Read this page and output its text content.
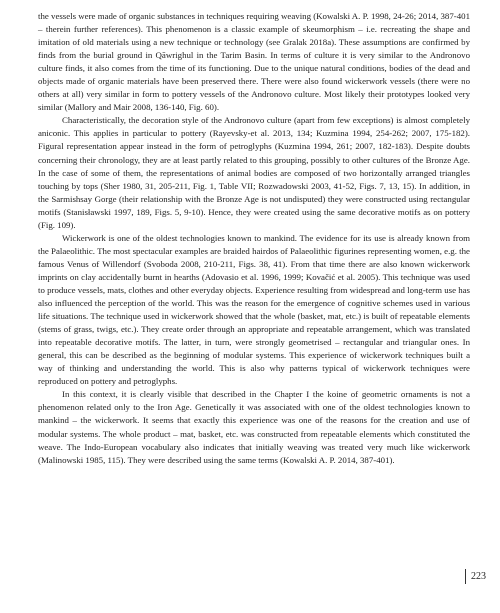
the vessels were made of organic substances in techniques requiring weaving (Kowalski A. P. 1998, 24-26; 2014, 387-401 – therein further references). This phenomenon is a classic example of skeumorphism – i.e. recreating the shape and imitation of old materials using a new technique or technology (see Gralak 2018a). These assumptions are confirmed by finds from the burial ground in Qāwrighul in the Tarim Basin. In terms of culture it is very similar to the Andronovo culture finds, it also comes from the time of its functioning. Due to the unique natural conditions, bodies of the dead and objects made of organic materials have been preserved there. There were also found wickerwork vessels (there were no others at all) very similar in form to pottery vessels of the Andronovo culture. Most likely their prototypes looked very similar (Mallory and Mair 2008, 136-140, Fig. 60).

Characteristically, the decoration style of the Andronovo culture (apart from few exceptions) is almost completely aniconic. This applies in particular to pottery (Rayevsky-et al. 2013, 134; Kuzmina 1994, 254-262; 2007, 175-182). Figural representation appear instead in the form of petroglyphs (Kuzmina 1994, 261; 2007, 182-183). Despite doubts concerning their chronology, they are at least partly related to this grouping, possibly to other cultures of the Bronze Age. In the case of some of them, the representations of animal bodies are composed of two horizontally arranged triangles touching by tops (Sher 1980, 31, 205-211, Fig. 1, Table VII; Rozwadowski 2003, 41-52, Figs. 7, 13, 15). In addition, in the Sarmishsay Gorge (their relationship with the Bronze Age is not undisputed) they were constructed using rectangular motifs (Stanisławski 1997, 189, Figs. 5, 9-10). Hence, they were created using the same decorative motifs as on pottery (Fig. 109).

Wickerwork is one of the oldest technologies known to mankind. The evidence for its use is already known from the Palaeolithic. The most spectacular examples are braided hairdos of Palaeolithic figurines representing women, e.g. the famous Venus of Willendorf (Svoboda 2008, 210-211, Figs. 38, 41). From that time there are also known wickerwork imprints on clay accidentally burnt in hearths (Adovasio et al. 1996, 1999; Kovačić et al. 2005). This technique was used to produce vessels, mats, clothes and other everyday objects. Experience resulting from widespread and long-term use has also influenced the perception of the world. This was the reason for the emergence of cognitive schemes used in various life situations. The technique used in wickerwork showed that the whole (basket, mat, etc.) is built of repeatable elements (stems of grass, twigs, etc.). They create order through an appropriate and repeatable arrangement, which was translated into repeatable decorative motifs. The latter, in turn, were strongly geometrised – rectangular and triangular ones. In general, this can be described as the beginning of modular systems. This experience of wickerwork techniques built a way of thinking and understanding the world. This is also why patterns typical of wickerwork techniques were reproduced on pottery and petroglyphs.

In this context, it is clearly visible that described in the Chapter I the koine of geometric ornaments is not a phenomenon related only to the Iron Age. Genetically it was associated with one of the oldest technologies known to mankind – the wickerwork. It seems that exactly this experience was one of the reasons for the creation and use of modular systems. The whole product – mat, basket, etc. was constructed from repeatable elements which constituted the weave. The Indo-European vocabulary also indicates that initially weaving was treated very much like wickerwork (Malinowski 1985, 115). They were described using the same terms (Kowalski A. P. 2014, 387-401).

223
